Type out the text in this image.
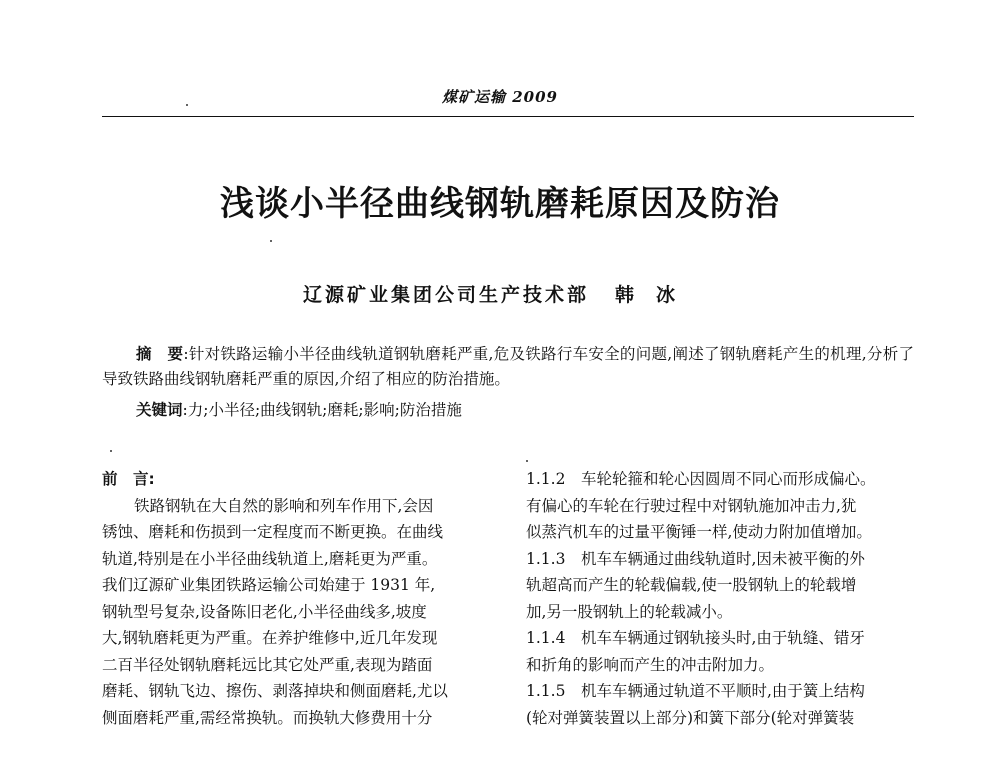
煤矿运输 2009
浅谈小半径曲线钢轨磨耗原因及防治
辽源矿业集团公司生产技术部 韩冰

摘　要:针对铁路运输小半径曲线轨道钢轨磨耗严重,危及铁路行车安全的问题,阐述了钢轨磨耗产生的机理,分析了导致铁路曲线钢轨磨耗严重的原因,介绍了相应的防治措施。

关键词:力;小半径;曲线钢轨;磨耗;影响;防治措施

前　言:
铁路钢轨在大自然的影响和列车作用下,会因
锈蚀、磨耗和伤损到一定程度而不断更换。在曲线
轨道,特别是在小半径曲线轨道上,磨耗更为严重。
我们辽源矿业集团铁路运输公司始建于 1931 年,
钢轨型号复杂,设备陈旧老化,小半径曲线多,坡度
大,钢轨磨耗更为严重。在养护维修中,近几年发现
二百半径处钢轨磨耗远比其它处严重,表现为踏面
磨耗、钢轨飞边、擦伤、剥落掉块和侧面磨耗,尤以
侧面磨耗严重,需经常换轨。而换轨大修费用十分
1.1.2　车轮轮箍和轮心因圆周不同心而形成偏心。
有偏心的车轮在行驶过程中对钢轨施加冲击力,犹
似蒸汽机车的过量平衡锤一样,使动力附加值增加。
1.1.3　机车车辆通过曲线轨道时,因未被平衡的外
轨超高而产生的轮载偏载,使一股钢轨上的轮载增
加,另一股钢轨上的轮载减小。
1.1.4　机车车辆通过钢轨接头时,由于轨缝、错牙
和折角的影响而产生的冲击附加力。
1.1.5　机车车辆通过轨道不平顺时,由于簧上结构
(轮对弹簧装置以上部分)和簧下部分(轮对弹簧装
